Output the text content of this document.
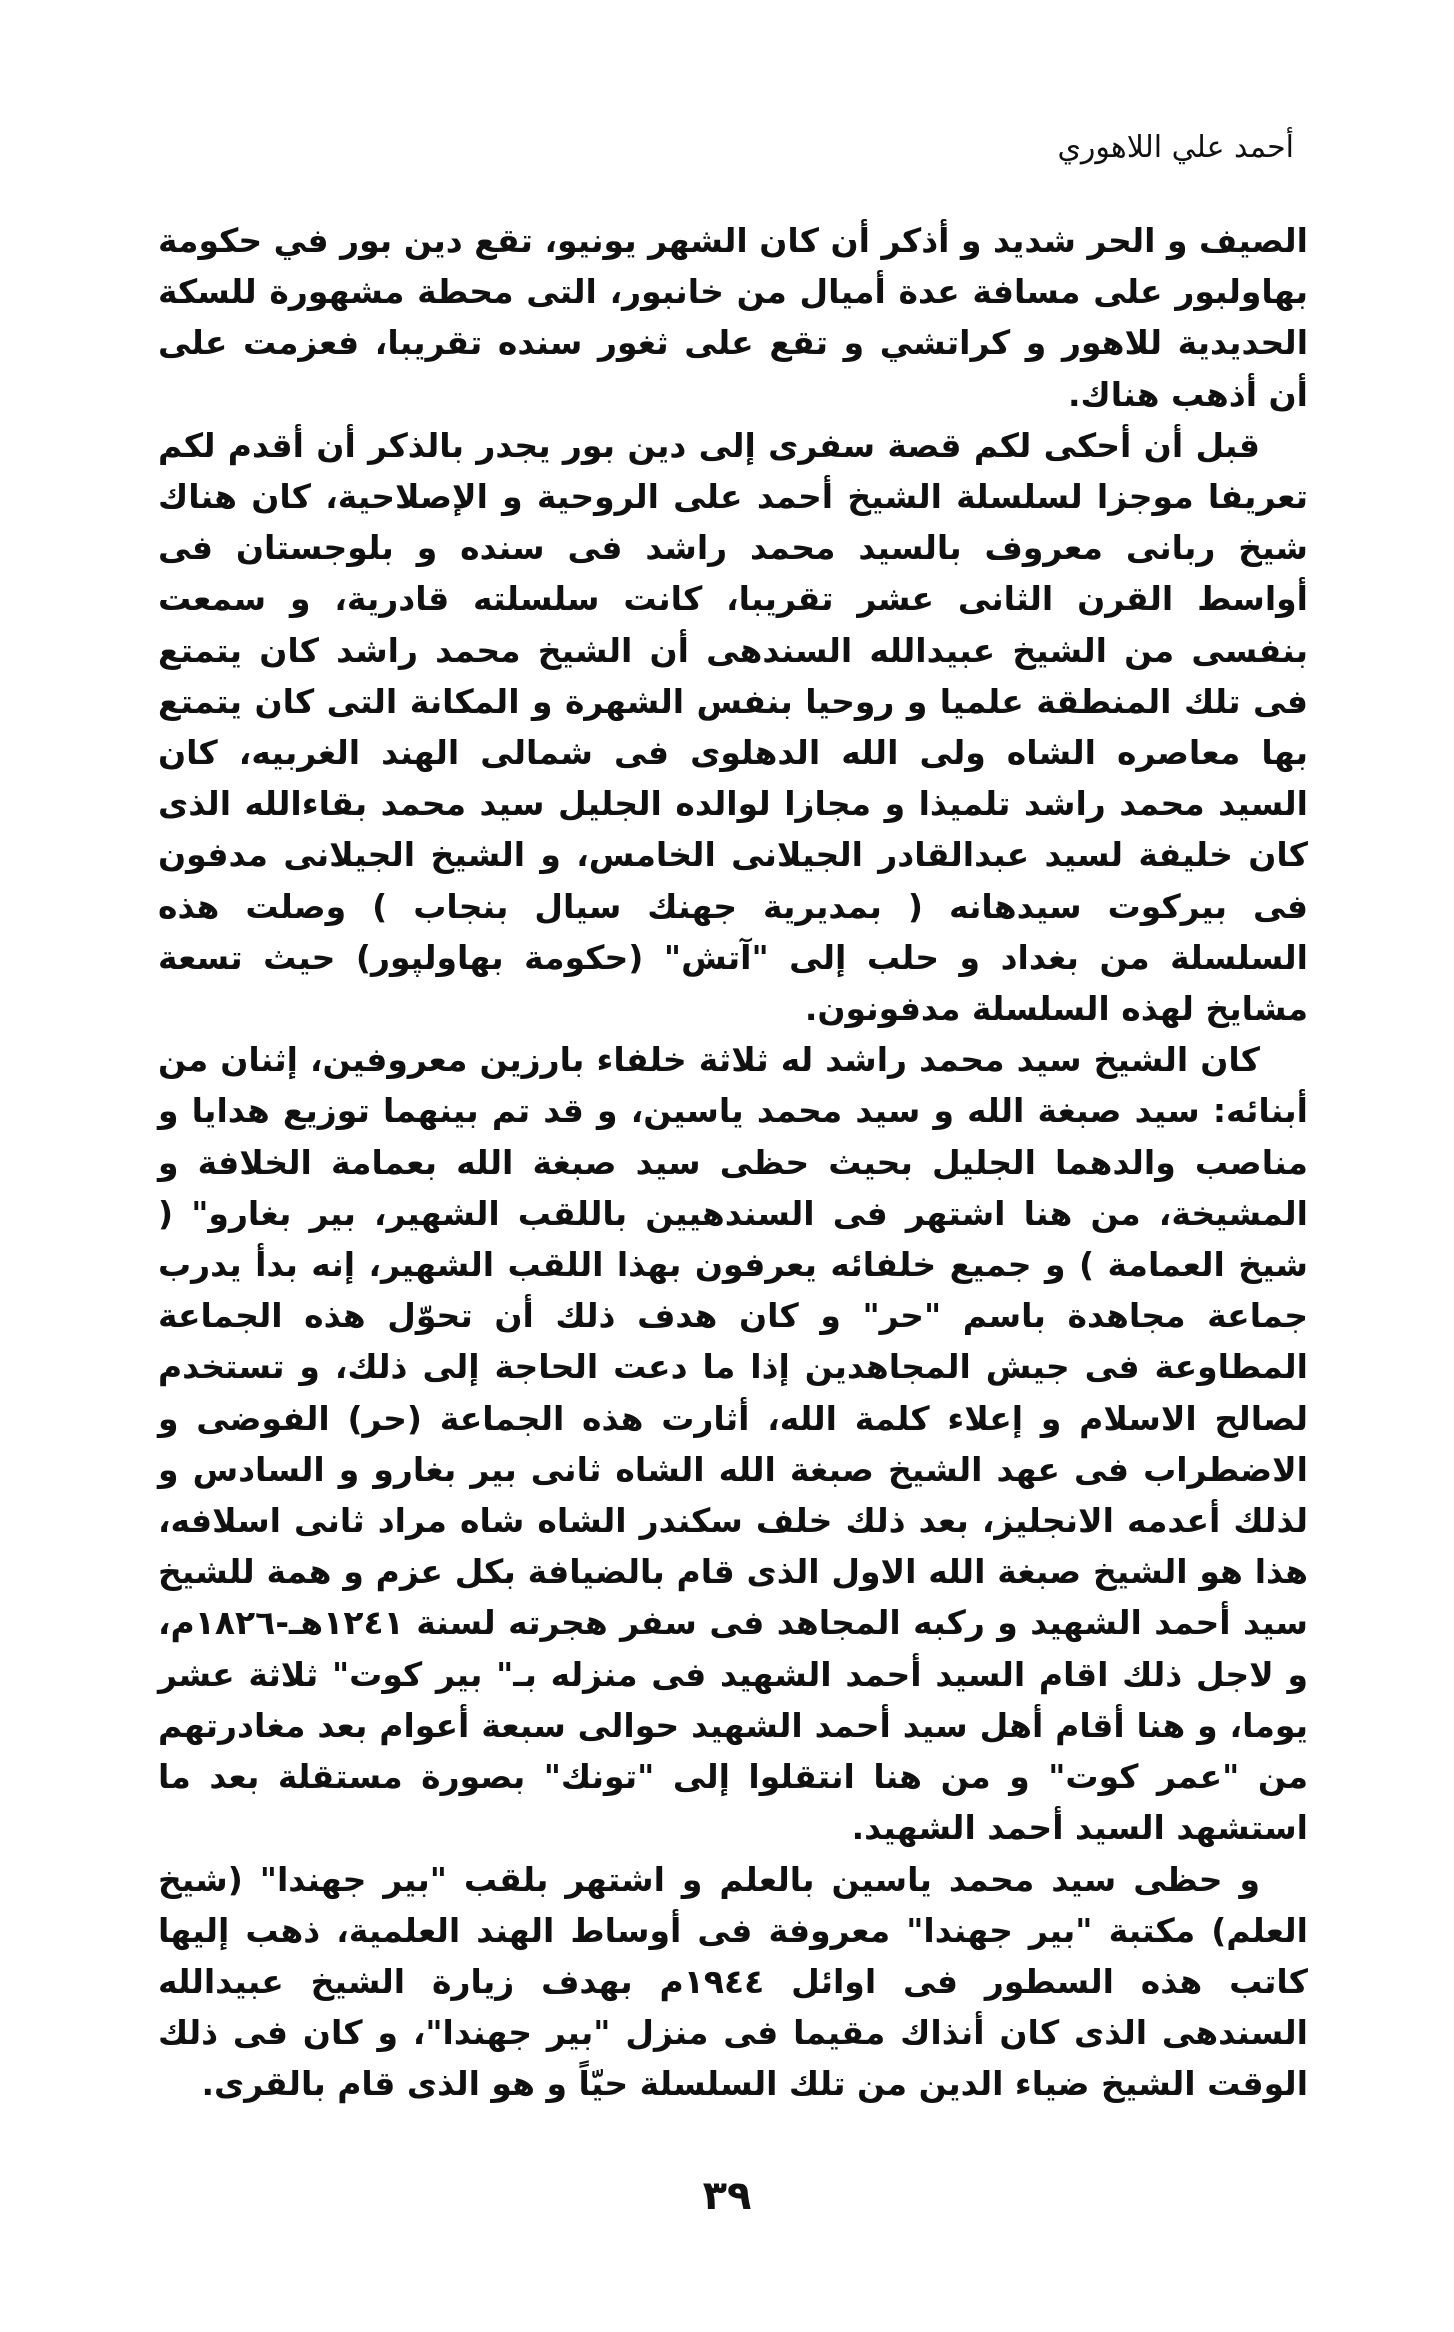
أحمد علي اللاهوري

الصيف و الحر شديد و أذكر أن كان الشهر يونيو، تقع دين بور في حكومة بهاولبور على مسافة عدة أميال من خانبور، التى محطة مشهورة للسكة الحديدية للاهور و كراتشي و تقع على ثغور سنده تقريبا، فعزمت على أن أذهب هناك.

قبل أن أحكى لكم قصة سفرى إلى دين بور يجدر بالذكر أن أقدم لكم تعريفا موجزا لسلسلة الشيخ أحمد على الروحية و الإصلاحية، كان هناك شيخ ربانى معروف بالسيد محمد راشد فى سنده و بلوجستان فى أواسط القرن الثانى عشر تقريبا، كانت سلسلته قادرية، و سمعت بنفسى من الشيخ عبيدالله السندهى أن الشيخ محمد راشد كان يتمتع فى تلك المنطقة علميا و روحيا بنفس الشهرة و المكانة التى كان يتمتع بها معاصره الشاه ولى الله الدهلوى فى شمالى الهند الغربيه، كان السيد محمد راشد تلميذا و مجازا لوالده الجليل سيد محمد بقاءالله الذى كان خليفة لسيد عبدالقادر الجيلانى الخامس، و الشيخ الجيلانى مدفون فى بيركوت سيدهانه ( بمديرية جهنك سيال بنجاب ) وصلت هذه السلسلة من بغداد و حلب إلى "آتش" (حكومة بهاولپور) حيث تسعة مشايخ لهذه السلسلة مدفونون.

كان الشيخ سيد محمد راشد له ثلاثة خلفاء بارزين معروفين، إثنان من أبنائه: سيد صبغة الله و سيد محمد ياسين، و قد تم بينهما توزيع هدايا و مناصب والدهما الجليل بحيث حظى سيد صبغة الله بعمامة الخلافة و المشيخة، من هنا اشتهر فى السندهيين باللقب الشهير، بير بغارو" ( شيخ العمامة ) و جميع خلفائه يعرفون بهذا اللقب الشهير، إنه بدأ يدرب جماعة مجاهدة باسم "حر" و كان هدف ذلك أن تحوّل هذه الجماعة المطاوعة فى جيش المجاهدين إذا ما دعت الحاجة إلى ذلك، و تستخدم لصالح الاسلام و إعلاء كلمة الله، أثارت هذه الجماعة (حر) الفوضى و الاضطراب فى عهد الشيخ صبغة الله الشاه ثانى بير بغارو و السادس و لذلك أعدمه الانجليز، بعد ذلك خلف سكندر الشاه شاه مراد ثانى اسلافه، هذا هو الشيخ صبغة الله الاول الذى قام بالضيافة بكل عزم و همة للشيخ سيد أحمد الشهيد و ركبه المجاهد فى سفر هجرته لسنة ١٢٤١هـ-١٨٢٦م، و لاجل ذلك اقام السيد أحمد الشهيد فى منزله بـ" بير كوت" ثلاثة عشر يوما، و هنا أقام أهل سيد أحمد الشهيد حوالى سبعة أعوام بعد مغادرتهم من "عمر كوت" و من هنا انتقلوا إلى "تونك" بصورة مستقلة بعد ما استشهد السيد أحمد الشهيد.

و حظى سيد محمد ياسين بالعلم و اشتهر بلقب "بير جهندا" (شيخ العلم) مكتبة "بير جهندا" معروفة فى أوساط الهند العلمية، ذهب إليها كاتب هذه السطور فى اوائل ١٩٤٤م بهدف زيارة الشيخ عبيدالله السندهى الذى كان أنذاك مقيما فى منزل "بير جهندا"، و كان فى ذلك الوقت الشيخ ضياء الدين من تلك السلسلة حيّاً و هو الذى قام بالقرى.

٣٩
